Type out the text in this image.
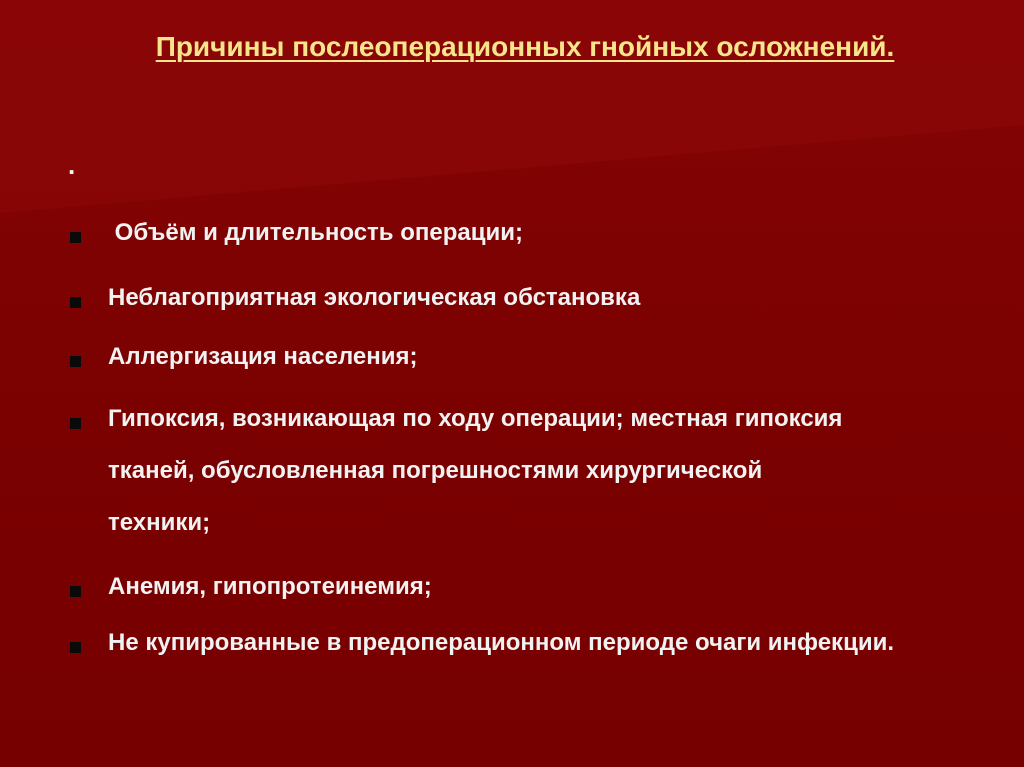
Причины послеоперационных гнойных осложнений.
.
Объём и длительность операции;
Неблагоприятная экологическая обстановка
Аллергизация населения;
Гипоксия, возникающая по ходу операции; местная гипоксия тканей, обусловленная погрешностями хирургической техники;
Анемия, гипопротеинемия;
Не купированные в предоперационном периоде очаги инфекции.
